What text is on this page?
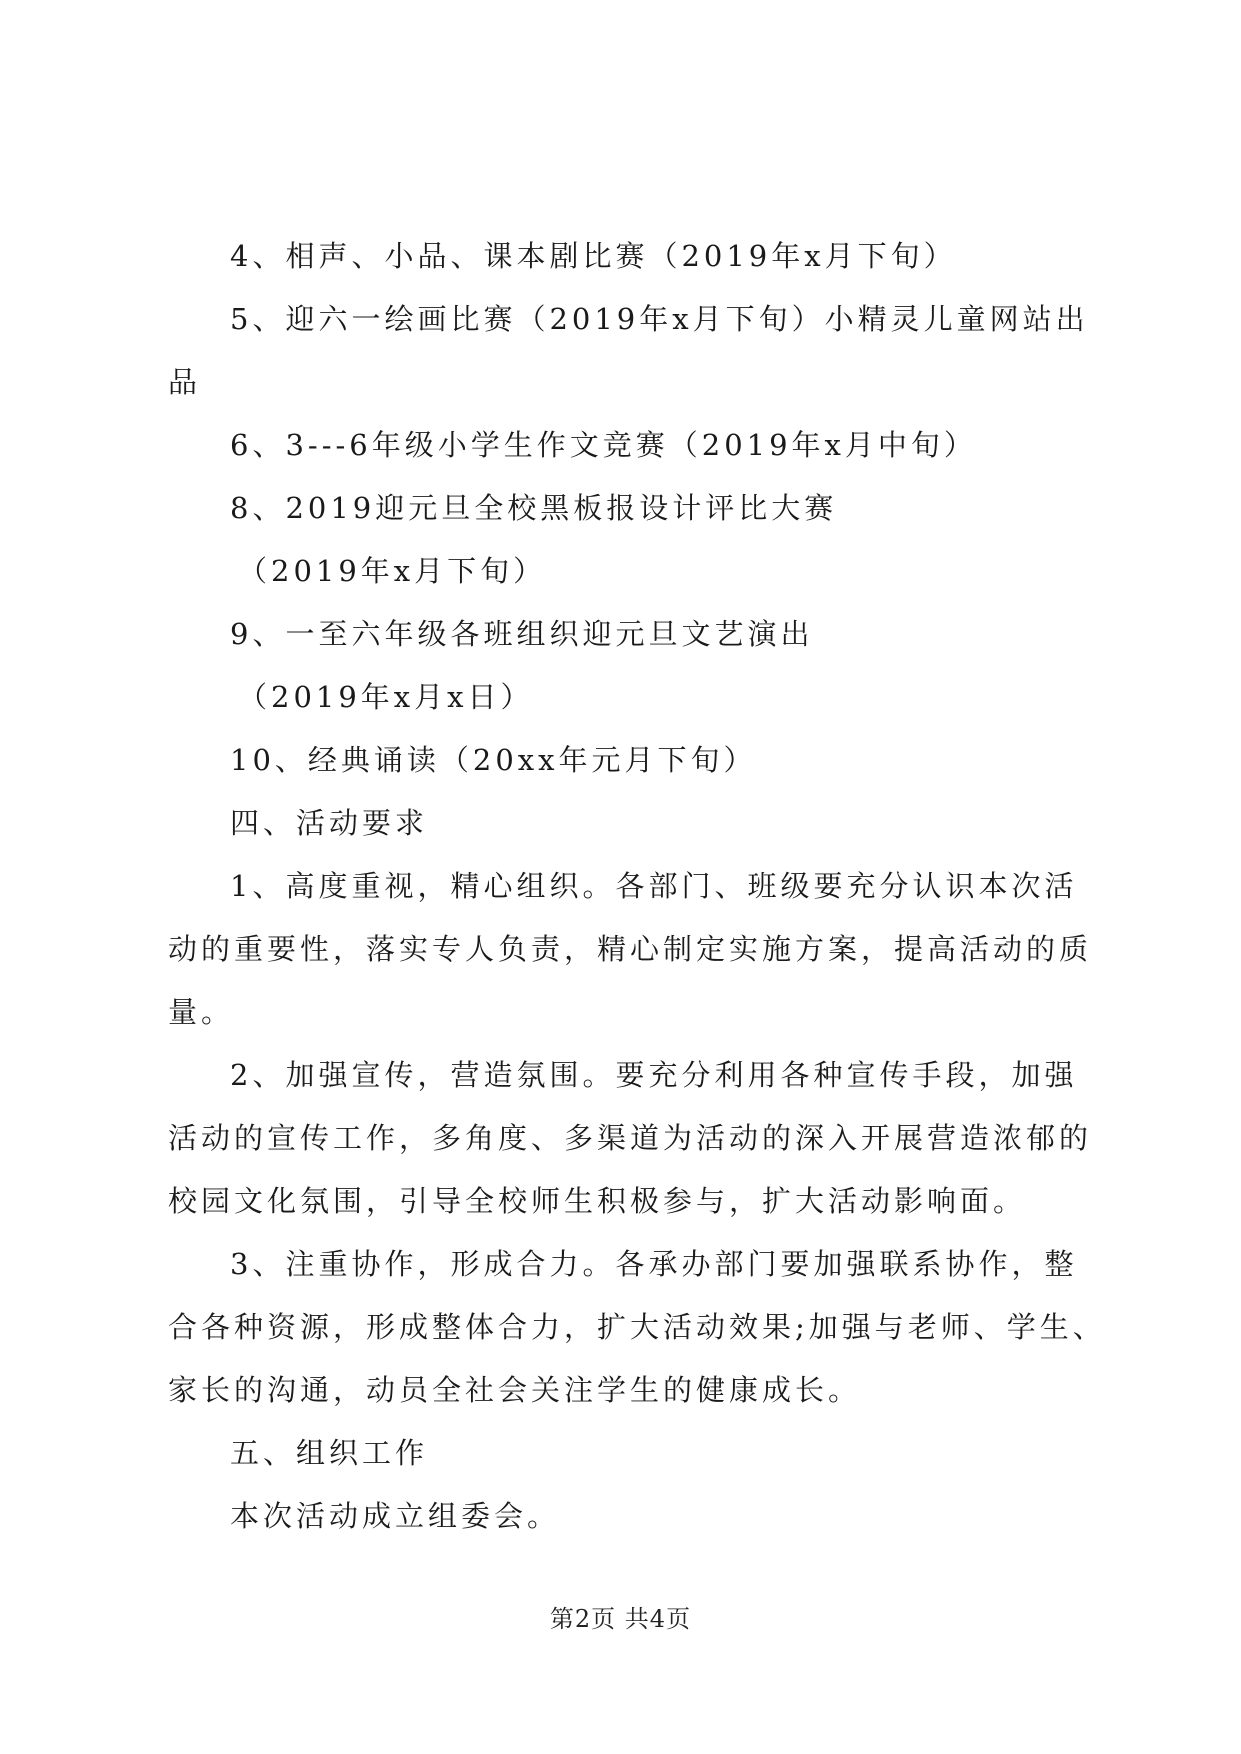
4、相声、小品、课本剧比赛（2019年x月下旬）
5、迎六一绘画比赛（2019年x月下旬）小精灵儿童网站出
品
6、3---6年级小学生作文竞赛（2019年x月中旬）
8、2019迎元旦全校黑板报设计评比大赛
（2019年x月下旬）
9、一至六年级各班组织迎元旦文艺演出
（2019年x月x日）
10、经典诵读（20xx年元月下旬）
四、活动要求
1、高度重视，精心组织。各部门、班级要充分认识本次活
动的重要性，落实专人负责，精心制定实施方案，提高活动的质
量。
2、加强宣传，营造氛围。要充分利用各种宣传手段，加强
活动的宣传工作，多角度、多渠道为活动的深入开展营造浓郁的
校园文化氛围，引导全校师生积极参与，扩大活动影响面。
3、注重协作，形成合力。各承办部门要加强联系协作，整
合各种资源，形成整体合力，扩大活动效果;加强与老师、学生、
家长的沟通，动员全社会关注学生的健康成长。
五、组织工作
本次活动成立组委会。
第2页 共4页
